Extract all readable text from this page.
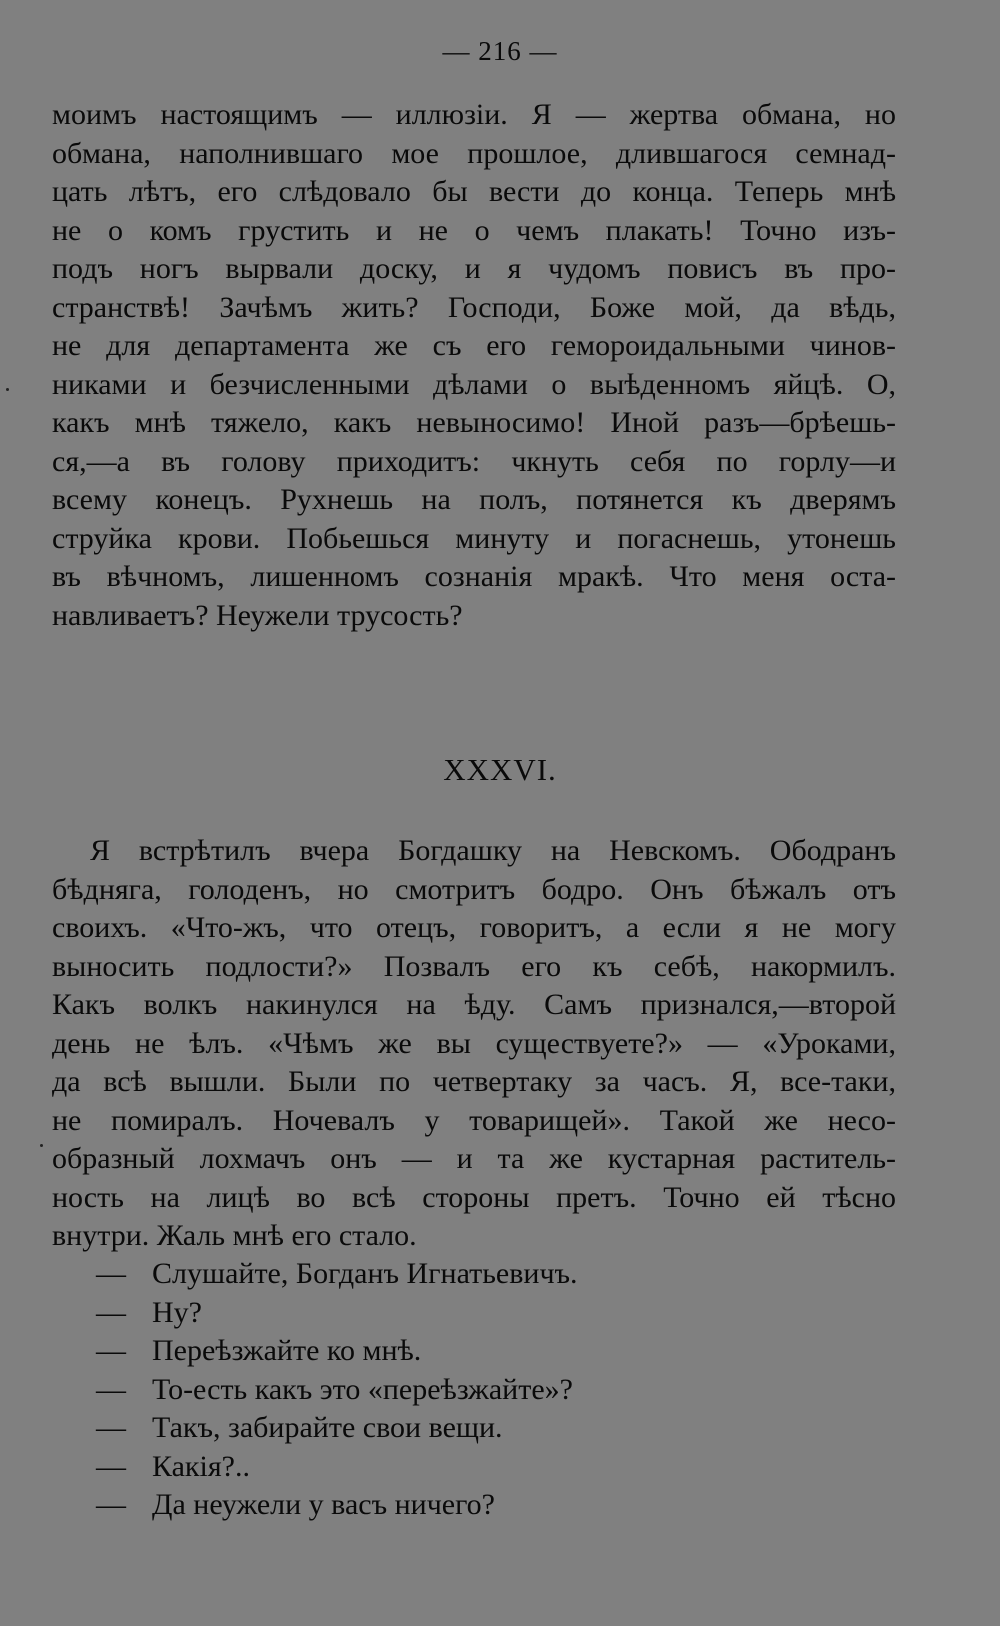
— 216 —
моимъ настоящимъ — иллюзіи. Я — жертва обмана, но
обмана, наполнившаго мое прошлое, длившагося семнад-
цать лѣтъ, его слѣдовало бы вести до конца. Теперь мнѣ
не о комъ грустить и не о чемъ плакать! Точно изъ-
подъ ногъ вырвали доску, и я чудомъ повисъ въ про-
странствѣ! Зачѣмъ жить? Господи, Боже мой, да вѣдь,
не для департамента же съ его гемороидальными чинов-
никами и безчисленными дѣлами о выѣденномъ яйцѣ. О,
какъ мнѣ тяжело, какъ невыносимо! Иной разъ—брѣешь-
ся,—а въ голову приходитъ: чкнуть себя по горлу—и
всему конецъ. Рухнешь на полъ, потянется къ дверямъ
струйка крови. Побьешься минуту и погаснешь, утонешь
въ вѣчномъ, лишенномъ сознанія мракѣ. Что меня оста-
навливаетъ? Неужели трусость?
XXXVI.
Я встрѣтилъ вчера Богдашку на Невскомъ. Ободранъ
бѣдняга, голоденъ, но смотритъ бодро. Онъ бѣжалъ отъ
своихъ. «Что-жъ, что отецъ, говоритъ, а если я не могу
выносить подлости?» Позвалъ его къ себѣ, накормилъ.
Какъ волкъ накинулся на ѣду. Самъ признался,—второй
день не ѣлъ. «Чѣмъ же вы существуете?» — «Уроками,
да всѣ вышли. Были по четвертаку за часъ. Я, все-таки,
не помиралъ. Ночевалъ у товарищей». Такой же несо-
образный лохмачъ онъ — и та же кустарная раститель-
ность на лицѣ во всѣ стороны претъ. Точно ей тѣсно
внутри. Жаль мнѣ его стало.
— Слушайте, Богданъ Игнатьевичъ.
— Ну?
— Переѣзжайте ко мнѣ.
— То-есть какъ это «переѣзжайте»?
— Такъ, забирайте свои вещи.
— Какія?..
— Да неужели у васъ ничего?
